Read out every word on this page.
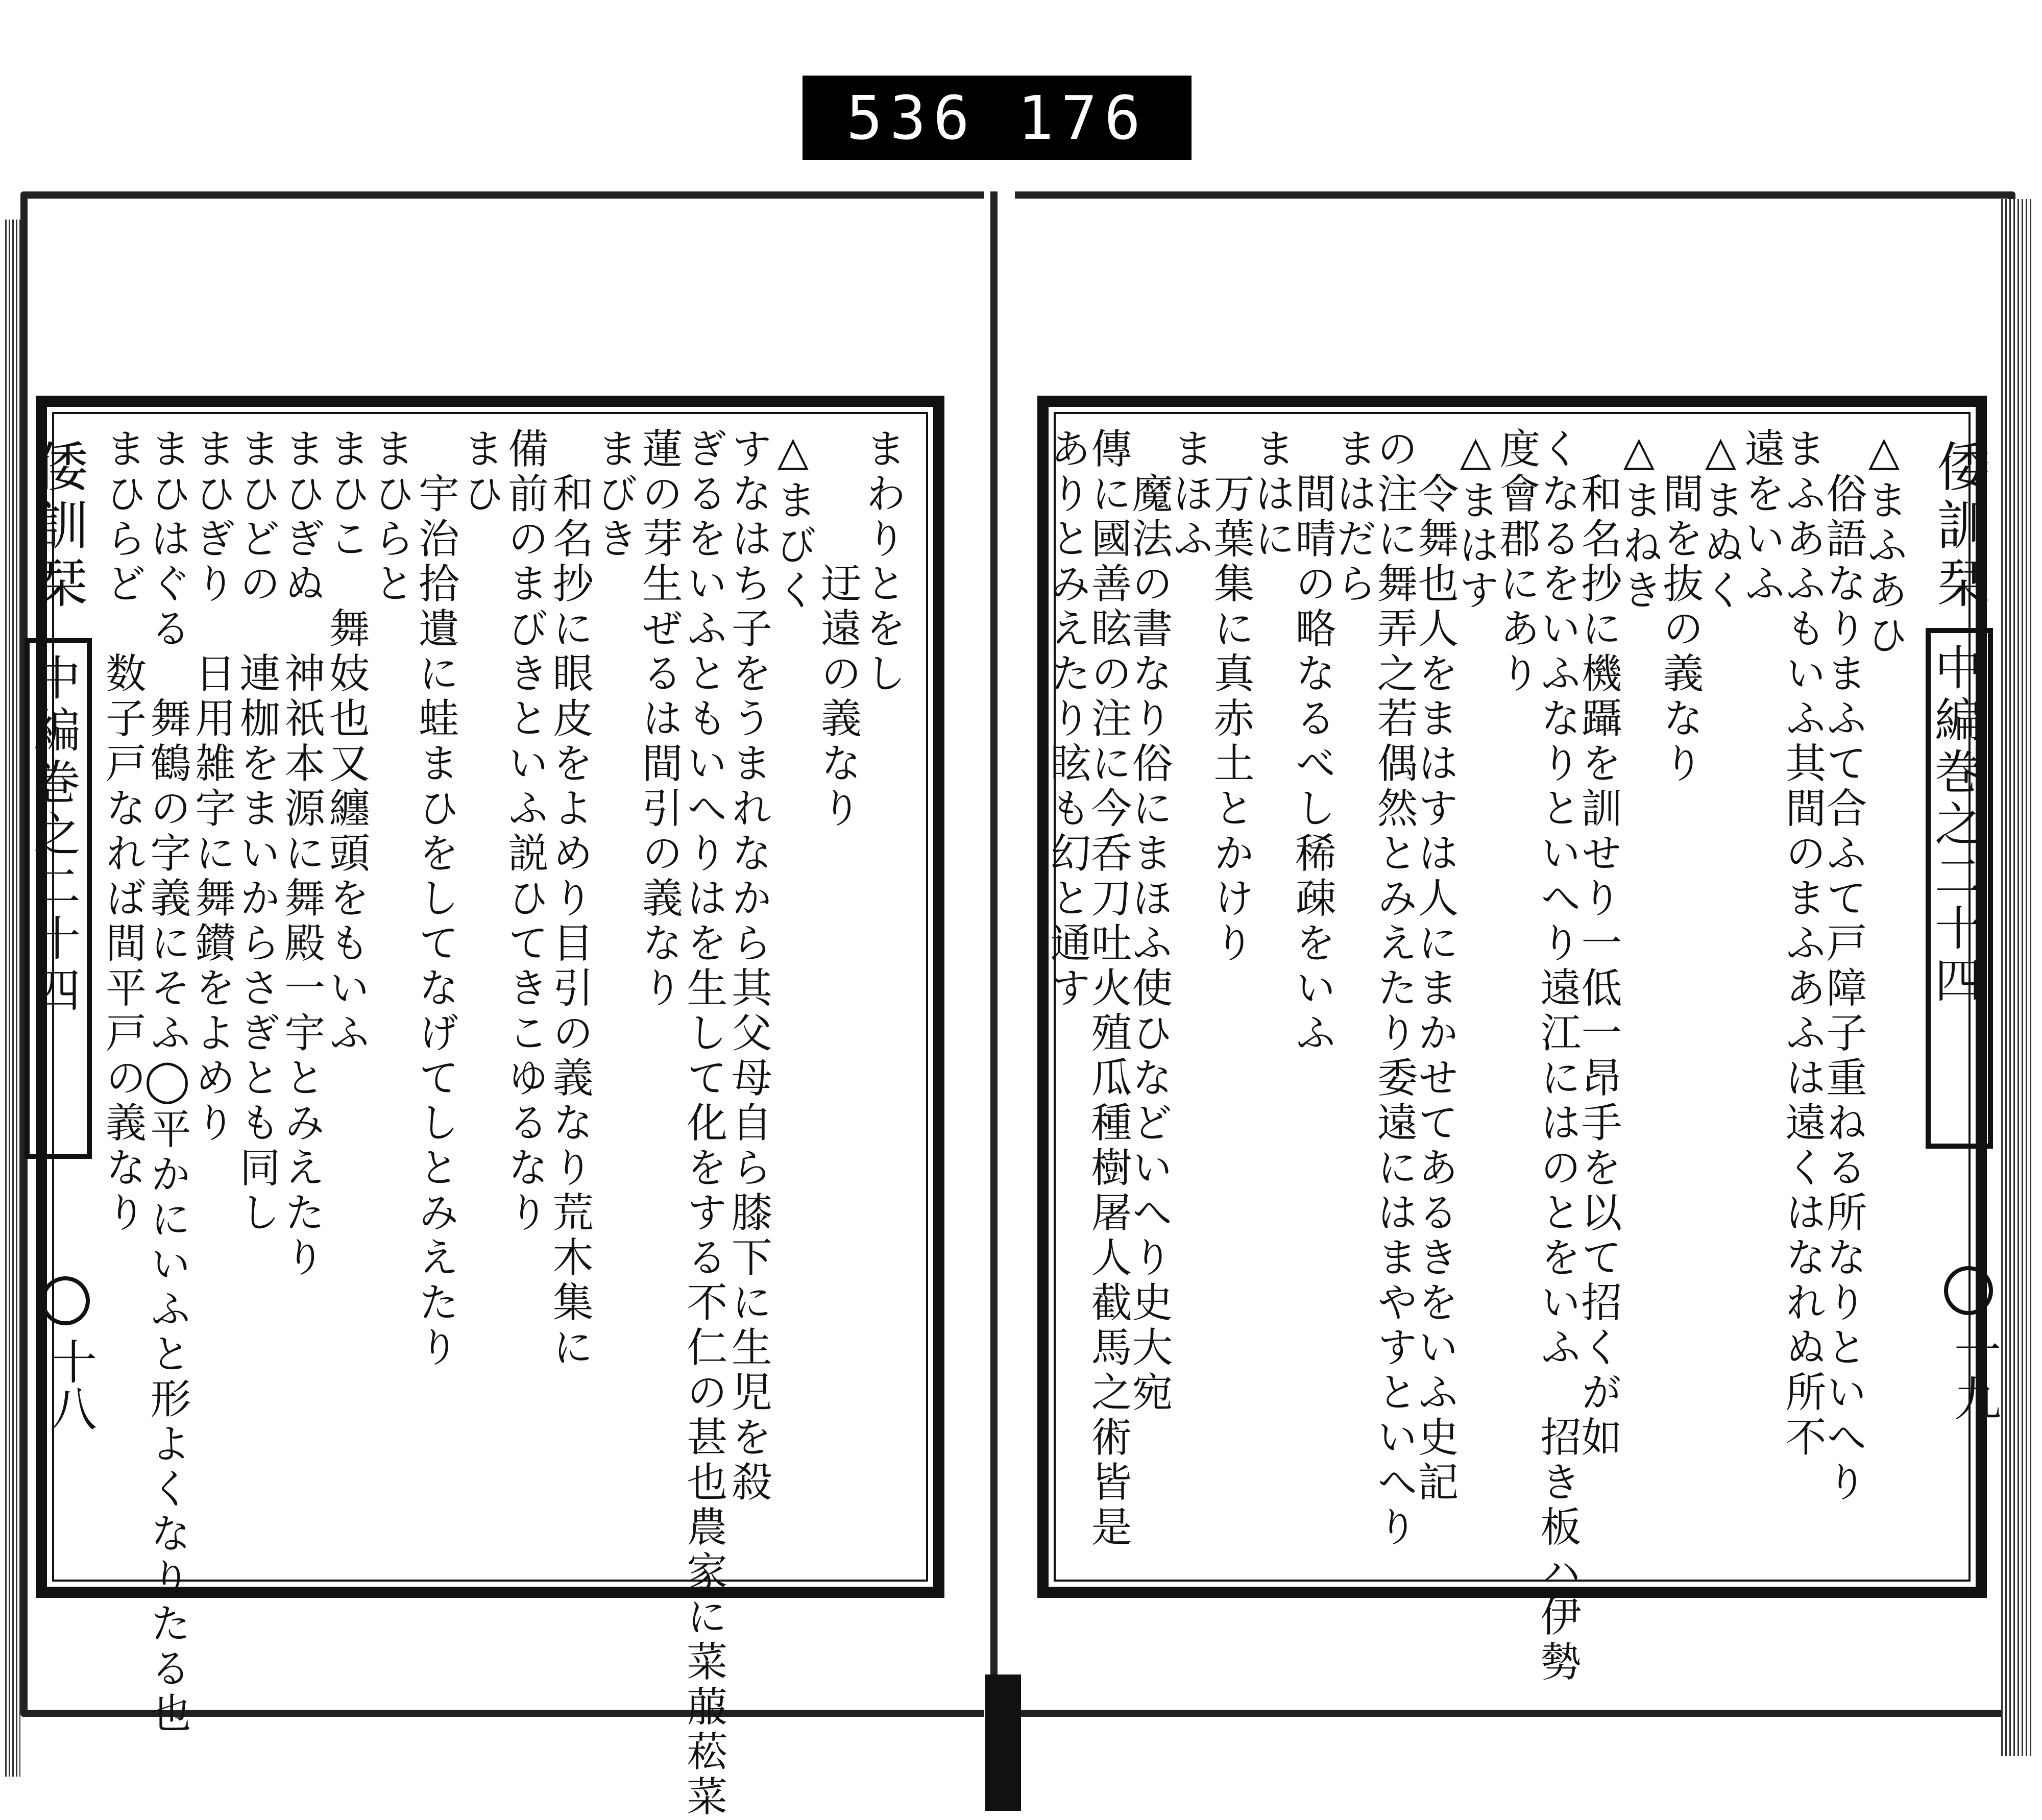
536 176
まわりとをし
　　　迂遠の義なり
△まびく
すなはち子をうまれなから其父母自ら膝下に生児を殺
ぎるをいふともいへりはを生して化をする不仁の甚也農家に菜菔菘菜
蓮の芽生ぜるは間引の義なり
まびき
　和名抄に眼皮をよめり目引の義なり荒木集に
備前のまびきといふ説ひてきこゆるなり
まひ
　宇治拾遺に蛙まひをしてなげてしとみえたり
まひらと
まひこ　舞妓也又纏頭をもいふ
まひぎぬ　神祇本源に舞殿一宇とみえたり
まひどの　連枷をまいからさぎとも同し
まひぎり　日用雑字に舞鑚をよめり
まひはぐる　舞鶴の字義にそふ◯平かにいふと形よくなりたる也
まひらど　数子戸なれば間平戸の義なり
倭訓栞
中編巻之二十四
十八
△まふあひ
　俗語なりまふて合ふて戸障子重ねる所なりといへり
まふあふもいふ其間のまふあふは遠くはなれぬ所不
遠をいふ
△まぬく
　間を抜の義なり
△まねき
　和名抄に機躡を訓せり一低一昂手を以て招くが如
くなるをいふなりといへり遠江にはのとをいふ　招き板ハ伊勢
度會郡にあり
△まはす
　令舞也人をまはすは人にまかせてあるきをいふ史記
の注に舞弄之若偶然とみえたり委遠にはまやすといへり
まはだら
　間晴の略なるべし稀疎をいふ
まはに
　万葉集に真赤土とかけり
まほふ
　魔法の書なり俗にまほふ使ひなどいへり史大宛
傳に國善眩の注に今呑刀吐火殖瓜種樹屠人截馬之術皆是
ありとみえたり眩も幻と通す	倭訓栞
中編巻之二十四
十九
